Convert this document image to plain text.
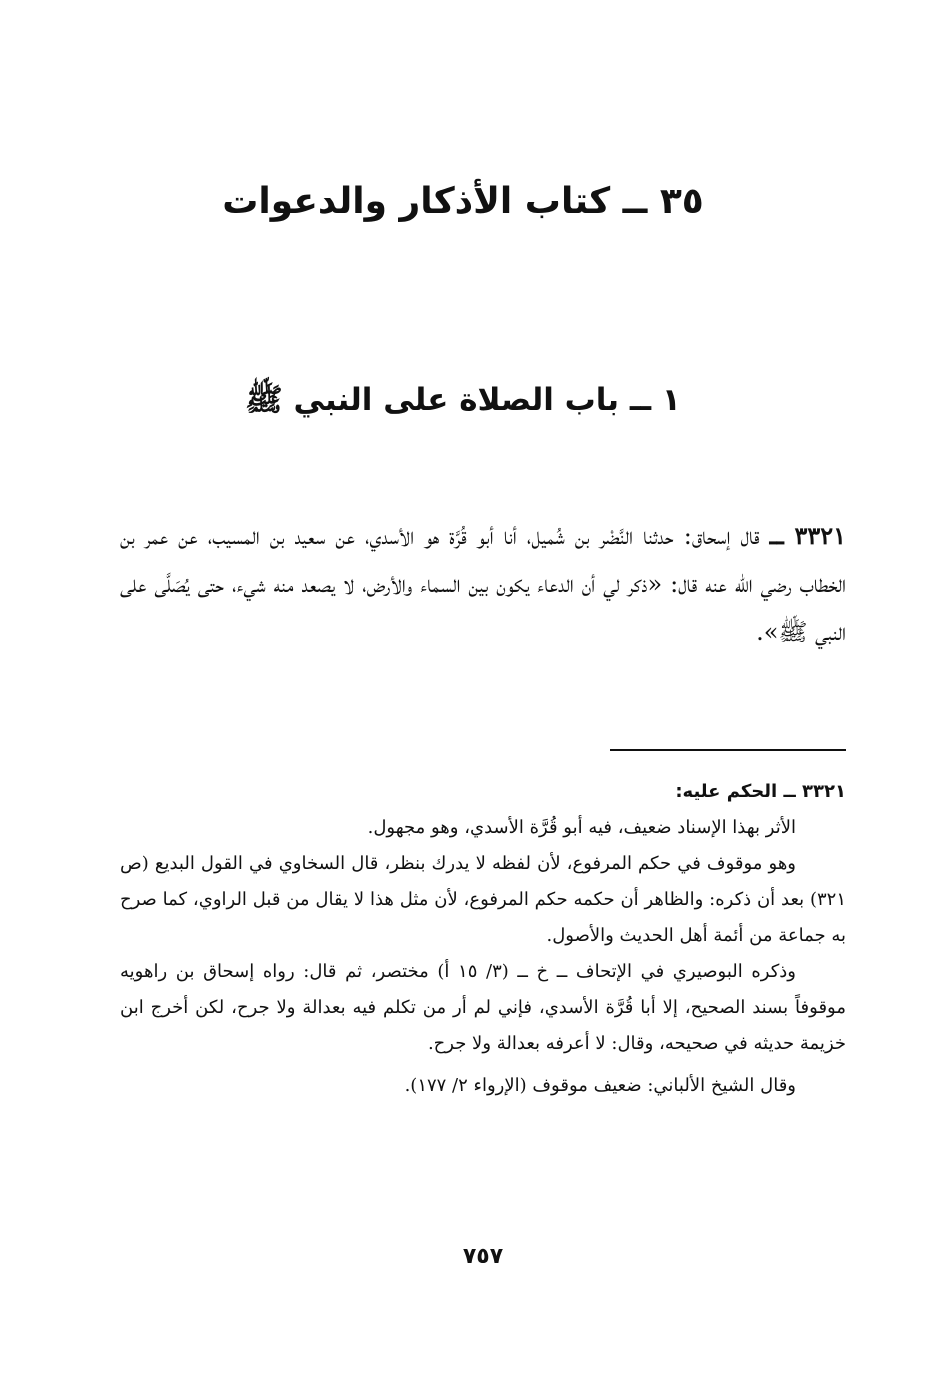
٣٥ ــ كتاب الأذكار والدعوات
١ ــ باب الصلاة على النبي ﷺ

٣٣٢١ ــ قال إسحاق: حدثنا النَّضْر بن شُميل، أنا أبو قُرَّة هو الأسدي، عن سعيد بن المسيب، عن عمر بن الخطاب رضي الله عنه قال: «ذكر لي أن الدعاء يكون بين السماء والأرض، لا يصعد منه شيء، حتى يُصَلَّى على النبي ﷺ».

٣٣٢١ ــ الحكم عليه:

الأثر بهذا الإسناد ضعيف، فيه أبو قُرَّة الأسدي، وهو مجهول.

وهو موقوف في حكم المرفوع، لأن لفظه لا يدرك بنظر، قال السخاوي في القول البديع (ص ٣٢١) بعد أن ذكره: والظاهر أن حكمه حكم المرفوع، لأن مثل هذا لا يقال من قبل الراوي، كما صرح به جماعة من أئمة أهل الحديث والأصول.

وذكره البوصيري في الإتحاف ــ خ ــ (٣/ ١٥ أ) مختصر، ثم قال: رواه إسحاق بن راهويه موقوفاً بسند الصحيح، إلا أبا قُرَّة الأسدي، فإني لم أر من تكلم فيه بعدالة ولا جرح، لكن أخرج ابن خزيمة حديثه في صحيحه، وقال: لا أعرفه بعدالة ولا جرح.

وقال الشيخ الألباني: ضعيف موقوف (الإرواء ٢/ ١٧٧).

٧٥٧
